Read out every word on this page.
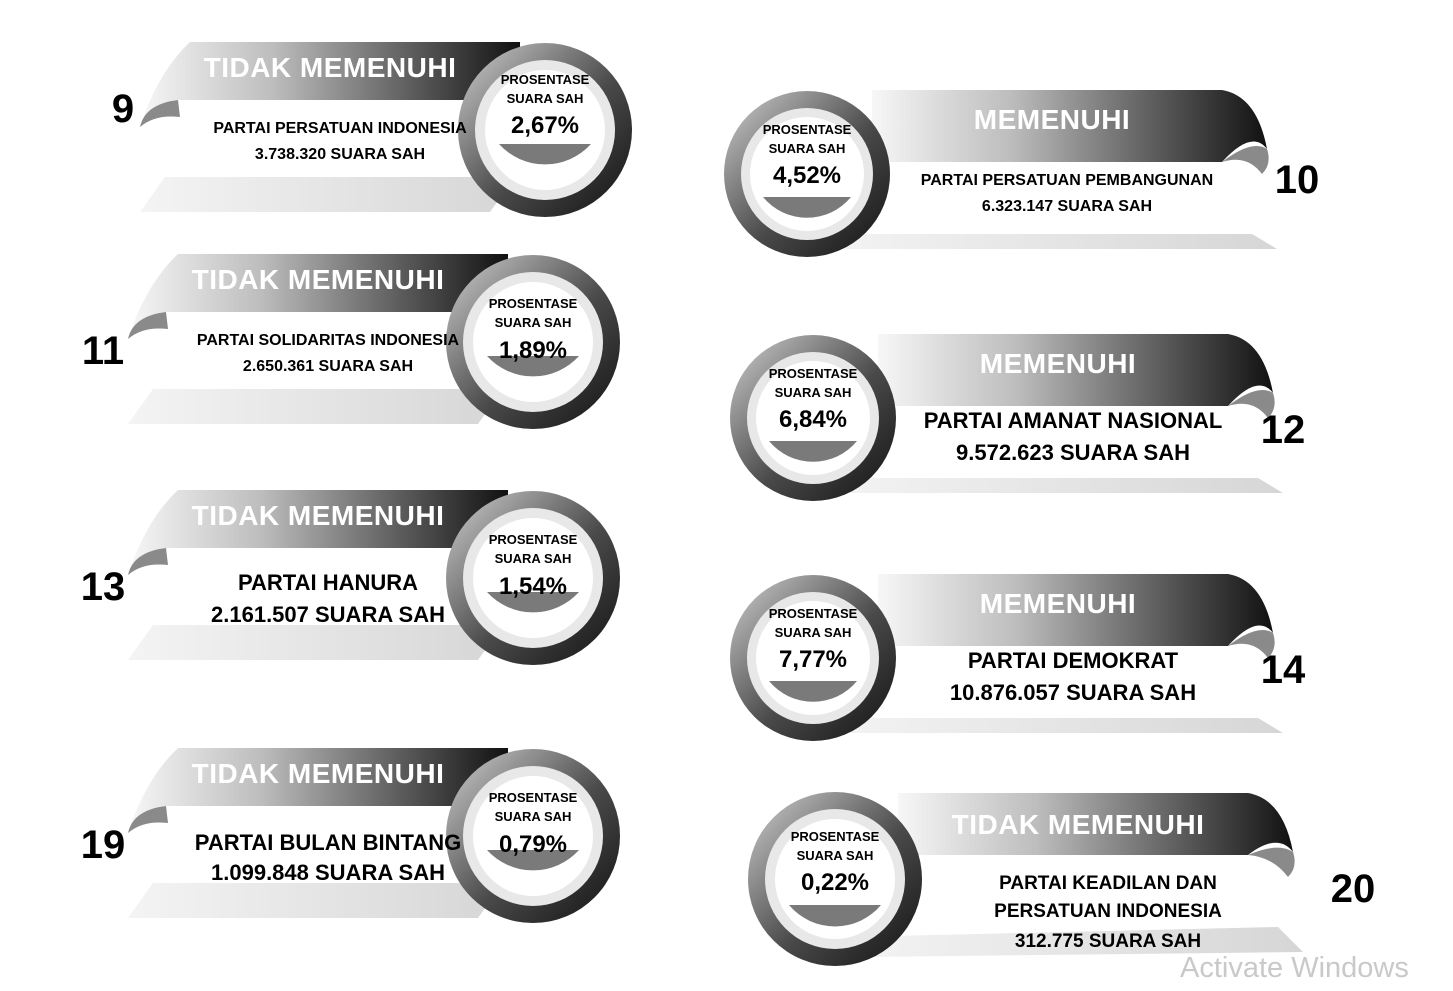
TIDAK MEMENUHI
9	PARTAI PERSATUAN INDONESIA
3.738.320 SUARA SAH
PROSENTASE
SUARA SAH
2,67%	MEMENUHI
10
PARTAI PERSATUAN PEMBANGUNAN
6.323.147 SUARA SAH
PROSENTASE
SUARA SAH
4,52%
TIDAK MEMENUHI
11	PARTAI SOLIDARITAS INDONESIA
2.650.361 SUARA SAH
PROSENTASE
SUARA SAH
1,89%	MEMENUHI
12
PARTAI AMANAT NASIONAL
9.572.623 SUARA SAH
PROSENTASE
SUARA SAH
6,84%
TIDAK MEMENUHI
13	PARTAI HANURA
2.161.507 SUARA SAH
PROSENTASE
SUARA SAH
1,54%
MEMENUHI
14
PARTAI DEMOKRAT
10.876.057 SUARA SAH
PROSENTASE
SUARA SAH
7,77%
TIDAK MEMENUHI
19	PARTAI BULAN BINTANG
1.099.848 SUARA SAH
PROSENTASE
SUARA SAH
0,79%
TIDAK MEMENUHI
20
PARTAI KEADILAN DAN
PERSATUAN INDONESIA
312.775 SUARA SAH
PROSENTASE
SUARA SAH
0,22%
Activate Windows
